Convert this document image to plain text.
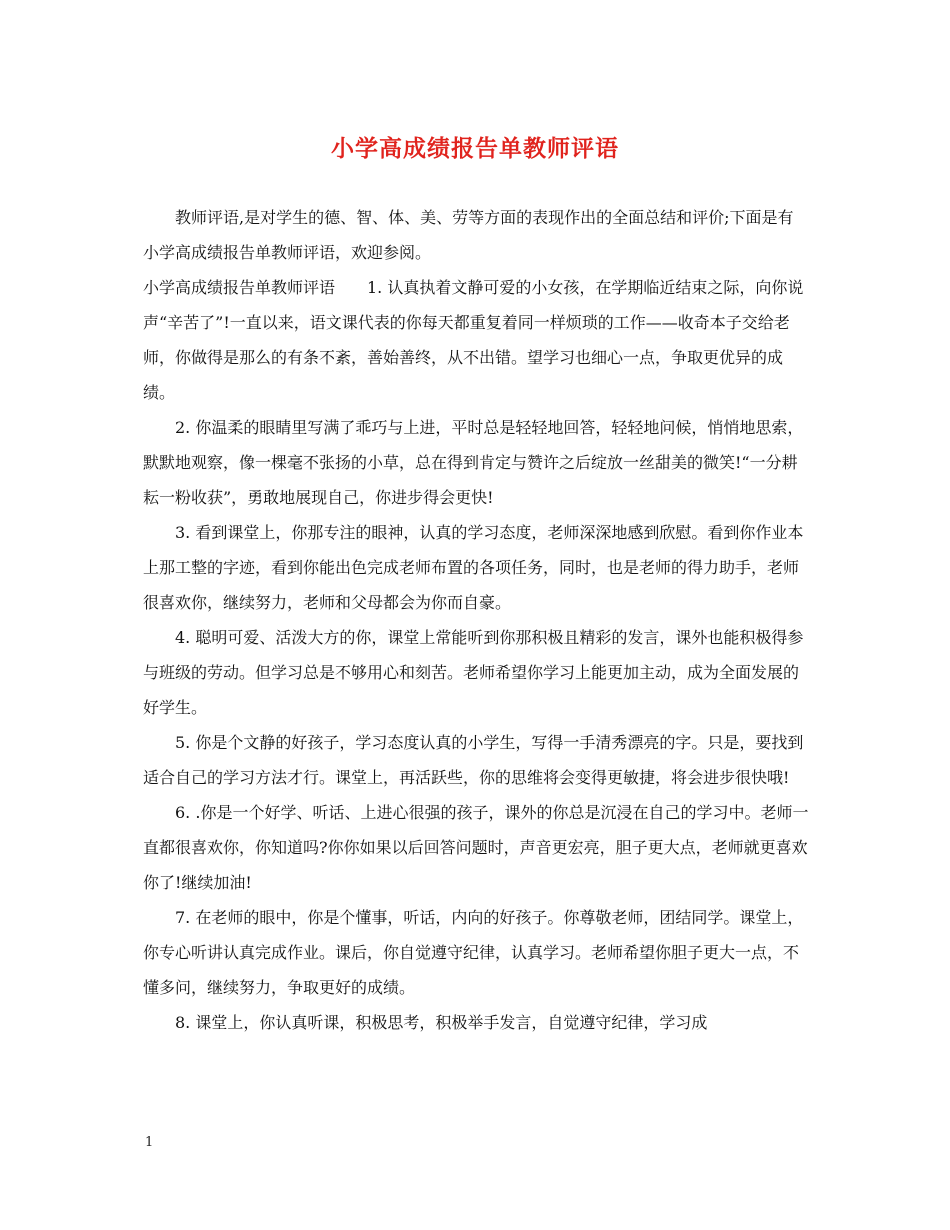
小学高成绩报告单教师评语

教师评语,是对学生的德、智、体、美、劳等方面的表现作出的全面总结和评价;下面是有小学高成绩报告单教师评语，欢迎参阅。

小学高成绩报告单教师评语　　1. 认真执着文静可爱的小女孩，在学期临近结束之际，向你说声“辛苦了”!一直以来，语文课代表的你每天都重复着同一样烦琐的工作——收奇本子交给老师，你做得是那么的有条不紊，善始善终，从不出错。望学习也细心一点，争取更优异的成绩。

2. 你温柔的眼睛里写满了乖巧与上进，平时总是轻轻地回答，轻轻地问候，悄悄地思索，默默地观察，像一棵毫不张扬的小草，总在得到肯定与赞许之后绽放一丝甜美的微笑!“一分耕耘一粉收获”，勇敢地展现自己，你进步得会更快!

3. 看到课堂上，你那专注的眼神，认真的学习态度，老师深深地感到欣慰。看到你作业本上那工整的字迹，看到你能出色完成老师布置的各项任务，同时，也是老师的得力助手，老师很喜欢你，继续努力，老师和父母都会为你而自豪。

4. 聪明可爱、活泼大方的你，课堂上常能听到你那积极且精彩的发言，课外也能积极得参与班级的劳动。但学习总是不够用心和刻苦。老师希望你学习上能更加主动，成为全面发展的好学生。

5. 你是个文静的好孩子，学习态度认真的小学生，写得一手清秀漂亮的字。只是，要找到适合自己的学习方法才行。课堂上，再活跃些，你的思维将会变得更敏捷，将会进步很快哦!

6. .你是一个好学、听话、上进心很强的孩子，课外的你总是沉浸在自己的学习中。老师一直都很喜欢你，你知道吗?你你如果以后回答问题时，声音更宏亮，胆子更大点，老师就更喜欢你了!继续加油!

7. 在老师的眼中，你是个懂事，听话，内向的好孩子。你尊敬老师，团结同学。课堂上，你专心听讲认真完成作业。课后，你自觉遵守纪律，认真学习。老师希望你胆子更大一点，不懂多问，继续努力，争取更好的成绩。

8. 课堂上，你认真听课，积极思考，积极举手发言，自觉遵守纪律，学习成

1
